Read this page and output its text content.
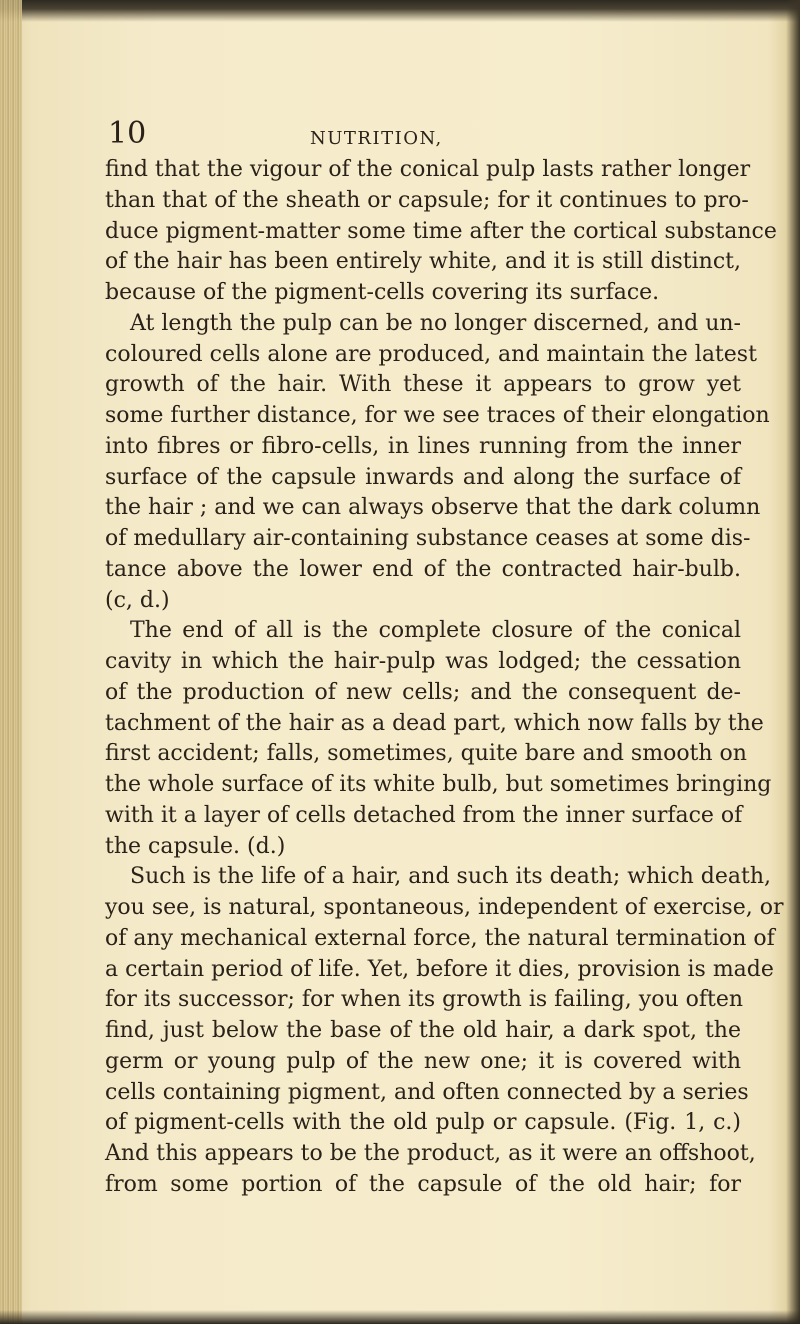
10	NUTRITION,
find that the vigour of the conical pulp lasts rather longer
than that of the sheath or capsule; for it continues to pro-
duce pigment-matter some time after the cortical substance
of the hair has been entirely white, and it is still distinct,
because of the pigment-cells covering its surface.
At length the pulp can be no longer discerned, and un-
coloured cells alone are produced, and maintain the latest
growth of the hair. With these it appears to grow yet
some further distance, for we see traces of their elongation
into fibres or fibro-cells, in lines running from the inner
surface of the capsule inwards and along the surface of
the hair ; and we can always observe that the dark column
of medullary air-containing substance ceases at some dis-
tance above the lower end of the contracted hair-bulb.
(c, d.)
The end of all is the complete closure of the conical
cavity in which the hair-pulp was lodged; the cessation
of the production of new cells; and the consequent de-
tachment of the hair as a dead part, which now falls by the
first accident; falls, sometimes, quite bare and smooth on
the whole surface of its white bulb, but sometimes bringing
with it a layer of cells detached from the inner surface of
the capsule. (d.)
Such is the life of a hair, and such its death; which death,
you see, is natural, spontaneous, independent of exercise, or
of any mechanical external force, the natural termination of
a certain period of life. Yet, before it dies, provision is made
for its successor; for when its growth is failing, you often
find, just below the base of the old hair, a dark spot, the
germ or young pulp of the new one; it is covered with
cells containing pigment, and often connected by a series
of pigment-cells with the old pulp or capsule. (Fig. 1, c.)
And this appears to be the product, as it were an offshoot,
from some portion of the capsule of the old hair; for
